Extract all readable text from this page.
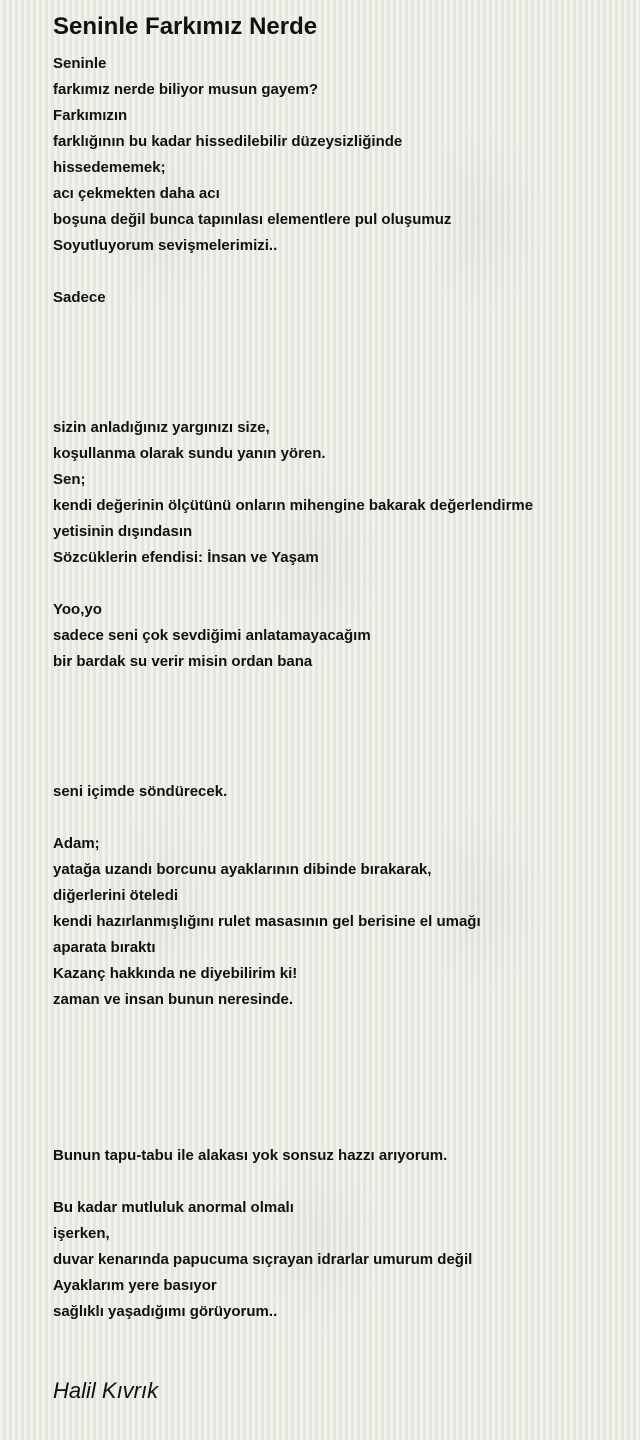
Seninle Farkımız Nerde
Seninle
farkımız nerde biliyor musun gayem?
Farkımızın
farklığının bu kadar hissedilebilir düzeysizliğinde
hissedememek;
acı çekmekten daha acı
boşuna değil bunca tapınılası elementlere pul oluşumuz
Soyutluyorum sevişmelerimizi..
Sadece
sizin anladığınız yargınızı size,
koşullanma olarak sundu yanın yören.
Sen;
kendi değerinin ölçütünü onların mihengine bakarak değerlendirme
yetisinin dışındasın
Sözcüklerin efendisi: İnsan ve Yaşam
Yoo,yo
sadece seni çok sevdiğimi anlatamayacağım
bir bardak su verir misin ordan bana
seni içimde söndürecek.
Adam;
yatağa uzandı borcunu ayaklarının dibinde bırakarak,
diğerlerini öteledi
kendi hazırlanmışlığını rulet masasının gel berisine el umağı
aparata bıraktı
Kazanç hakkında ne diyebilirim ki!
zaman ve insan bunun neresinde.
Bunun tapu-tabu ile alakası yok sonsuz hazzı arıyorum.
Bu kadar mutluluk anormal olmalı
işerken,
duvar kenarında papucuma sıçrayan idrarlar umurum değil
Ayaklarım yere basıyor
sağlıklı yaşadığımı görüyorum..
Halil Kıvrık
